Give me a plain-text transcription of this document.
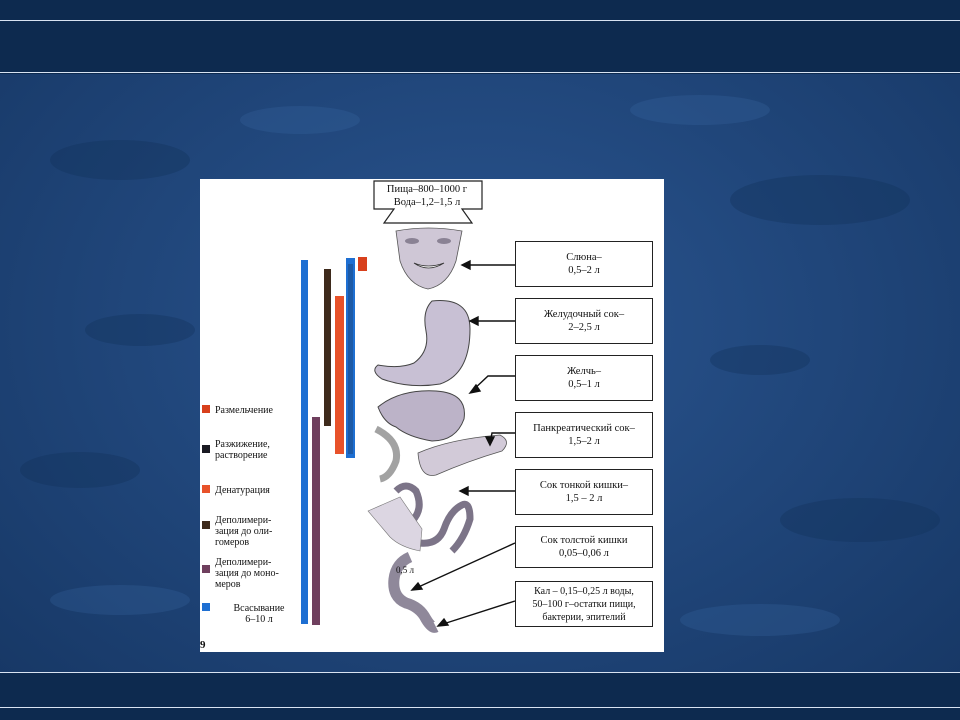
Пища–800–1000 г
Вода–1,2–1,5 л
Слюна–
0,5–2 л
Желудочный сок–
2–2,5 л
Желчь–
0,5–1 л
Панкреатический сок–
1,5–2 л
Сок тонкой кишки–
1,5 – 2 л
Сок толстой кишки
0,05–0,06 л
Кал – 0,15–0,25 л воды,
50–100 г–остатки пищи,
бактерии, эпителий
Размельчение
Разжижение,
растворение
Денатурация
Деполимери-
зация до оли-
гомеров
Деполимери-
зация до моно-
меров
Всасывание
6–10 л
0,5 л
9
